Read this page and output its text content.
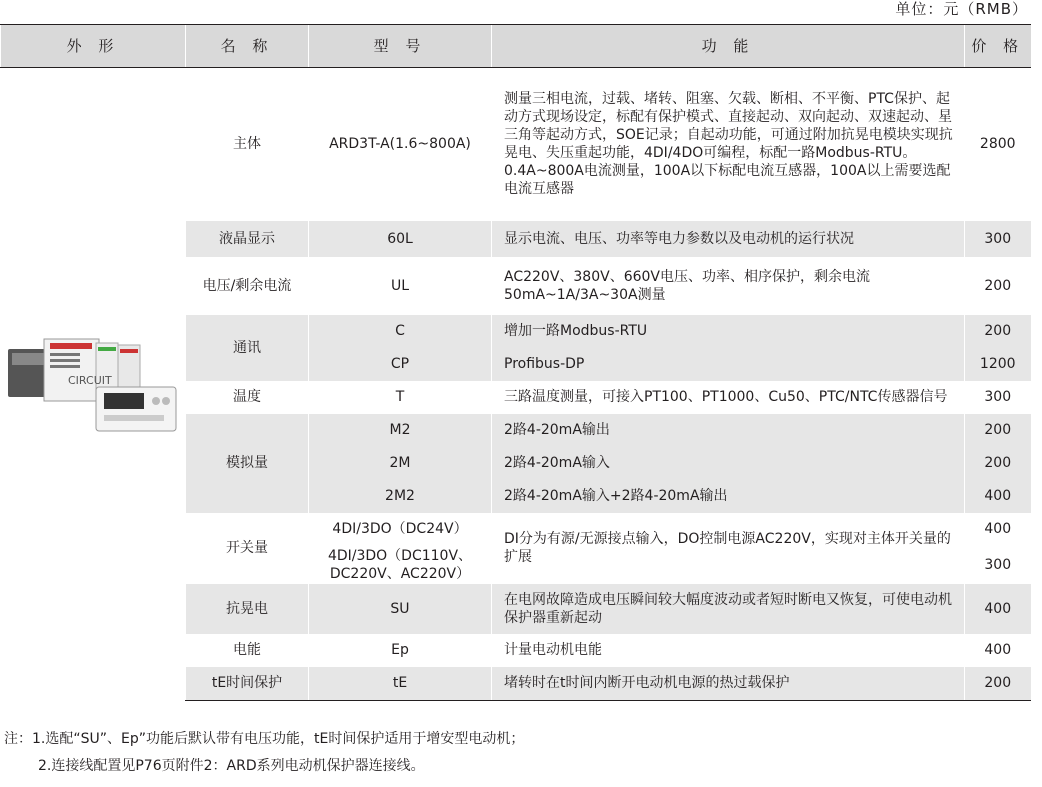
单位：元（RMB）
外 形	名 称	型 号	功 能	价 格

CIRCUIT	主体	ARD3T-A(1.6~800A)	测量三相电流，过载、堵转、阻塞、欠载、断相、不平衡、PTC保护、起动方式现场设定，标配有保护模式、直接起动、双向起动、双速起动、星三角等起动方式，SOE记录；自起动功能，可通过附加抗晃电模块实现抗晃电、失压重起功能，4DI/4DO可编程，标配一路Modbus-RTU。0.4A~800A电流测量，100A以下标配电流互感器，100A以上需要选配电流互感器	2800
	液晶显示	60L	显示电流、电压、功率等电力参数以及电动机的运行状况	300
	电压/剩余电流	UL	AC220V、380V、660V电压、功率、相序保护，剩余电流50mA~1A/3A~30A测量	200
	通讯	C	增加一路Modbus-RTU	200
		CP	Profibus-DP	1200
	温度	T	三路温度测量，可接入PT100、PT1000、Cu50、PTC/NTC传感器信号	300
	模拟量	M2	2路4-20mA输出	200
		2M	2路4-20mA输入	200
		2M2	2路4-20mA输入+2路4-20mA输出	400
	开关量	4DI/3DO（DC24V）	DI分为有源/无源接点输入，DO控制电源AC220V，实现对主体开关量的扩展	400
		4DI/3DO（DC110V、DC220V、AC220V）		300
	抗晃电	SU	在电网故障造成电压瞬间较大幅度波动或者短时断电又恢复，可使电动机保护器重新起动	400
	电能	Ep	计量电动机电能	400
	tE时间保护	tE	堵转时在t时间内断开电动机电源的热过载保护	200
注：1.选配“SU”、Ep”功能后默认带有电压功能，tE时间保护适用于增安型电动机；
2.连接线配置见P76页附件2：ARD系列电动机保护器连接线。
